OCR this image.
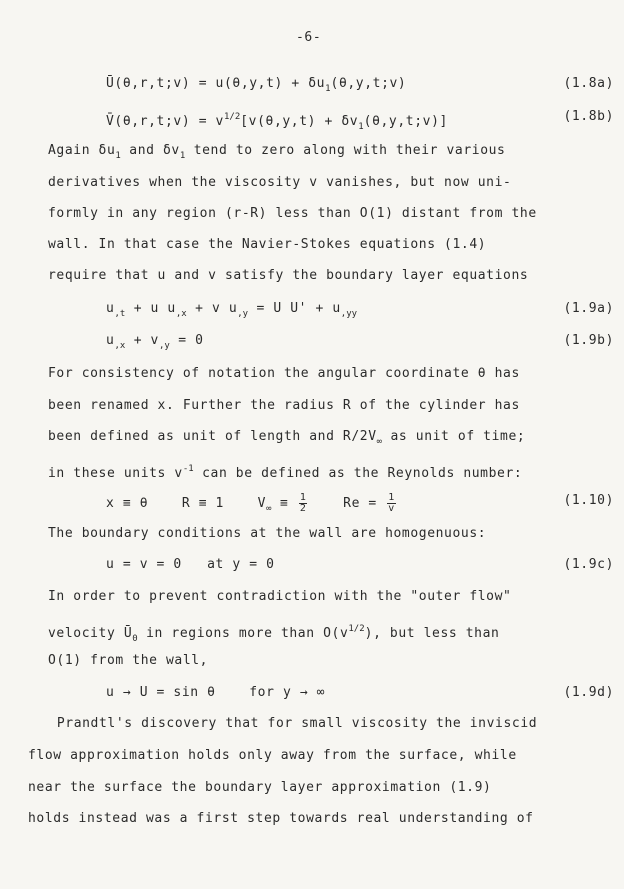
-6-
Ū(θ,r,t;v) = $u(\theta,y,t) + \delta u_1(\theta,y,t;v)$	(1.8a)
V̄(θ,r,t;v) = $v^{1/2}[v(\theta,y,t)$ + $\delta v_1(\theta,y,t;v)$]	(1.8b)
Again $\delta u_1$ and $\delta v_1$ tend to zero along with their various
derivatives when the viscosity v vanishes, but now uni-
formly in any region (r-R) less than O(1) distant from the
wall. In that case the Navier-Stokes equations (1.4)
require that u and v satisfy the boundary layer equations
$u_{,t} + u$ $u_{,x} + v$ $u_{,y} = U$ $U' + u_{,yy}$	(1.9a)
$u_{,x} + v_{,y} = 0$	(1.9b)
For consistency of notation the angular coordinate θ has
been renamed x. Further the radius R of the cylinder has
been defined as unit of length and $R/2V_\infty$ as unit of time;
in these units $v^{-1}$ can be defined as the Reynolds number:
x ≡ θ    R ≡ 1    $V_\infty \equiv \frac{1}{2}$ $Re = \frac{1}{v}$	(1.10)
The boundary conditions at the wall are homogenuous:
u = v = 0   at y = 0	(1.9c)
In order to prevent contradiction with the "outer flow"
velocity $Ū_0$ in regions more than $O(v^{1/2})$, but less than
O(1) from the wall,
u → U = sin θ    for y → ∞	(1.9d)
Prandtl's discovery that for small viscosity the inviscid
flow approximation holds only away from the surface, while
near the surface the boundary layer approximation (1.9)
holds instead was a first step towards real understanding of
